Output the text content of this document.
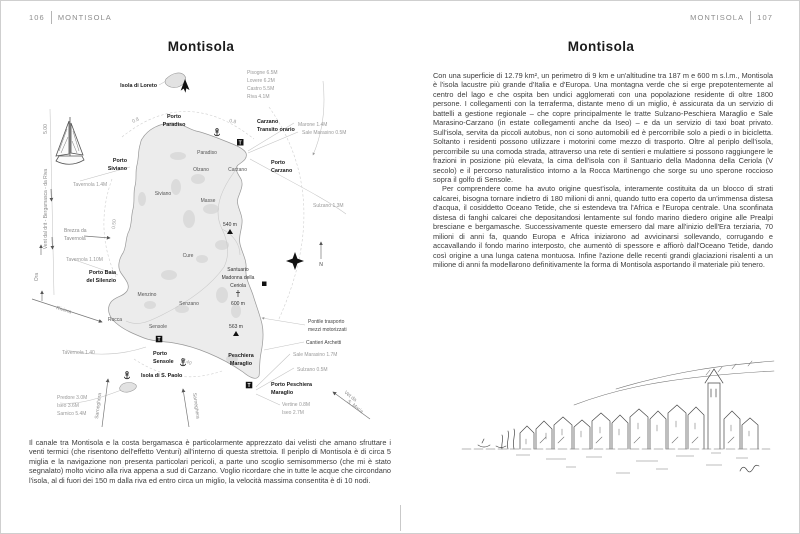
106 MONTISOLA
Montisola
N
T
T
T
Isola di Loreto
Porto
Paradiso	Carzano
Transito orario
Porto
Carzano
Porto
Siviano
Porto Baia
del Silenzio
Porto
Sensole
Isola di S. Paolo
Peschiera
Maraglio
Porto Peschiera
Maraglio
Siviano
Paradiso
Olzano
Masse
Carzano
Cure
Senzano
Menzino
Rocca
Sensole
540 m
563 m
Santuario
Madonna della
Ceriola
600 m
Pisogne 6.5M
Lovere 6.2M
Castro 5.5M
Riva 4.1M
Marone 1.4M
Sale Marasino 0.5M
Sulzano 1.3M
Tavernola 1.4M
Tavernola 1.10M
Tavernola 1.40
Predore 3.0M
Iseo 3.6M
Sarnico 5.4M
Sale Marasino 1.7M
Sulzano 0.5M
Vertine 0.8M
Iseo 2.7M
Ora
Brezza da
Tavernola
Riviera
Sarneghera	Sarneghera	Vet da
S. Maria
Vent dal drit - Bergamasca - da Riva
5.00
Pontile trasporto
mezzi motorizzati
Cantieri Archetti
0.8	0.8
0.50
0.40

Il canale tra Montisola e la costa bergamasca è particolarmente apprezzato dai velisti che amano sfruttare i venti termici (che risentono dell'effetto Venturi) all'interno di questa strettoia. Il periplo di Montisola è di circa 5 miglia e la navigazione non presenta particolari pericoli, a parte uno scoglio semisommerso (che mi è stato segnalato) molto vicino alla riva appena a sud di Carzano. Voglio ricordare che in tutte le acque che circondano l'isola, al di fuori dei 150 m dalla riva ed entro circa un miglio, la velocità massima consentita è di 10 nodi.

MONTISOLA 107
Montisola

Con una superficie di 12.79 km², un perimetro di 9 km e un'altitudine tra 187 m e 600 m s.l.m., Montisola è l'isola lacustre più grande d'Italia e d'Europa. Una montagna verde che si erge prepotentemente al centro del lago e che ospita ben undici agglomerati con una popolazione residente di oltre 1800 persone. I collegamenti con la terraferma, distante meno di un miglio, è assicurata da un servizio di battelli a gestione regionale – che copre principalmente le tratte Sulzano-Peschiera Maraglio e Sale Marasino-Carzano (in estate collegamenti anche da Iseo) – e da un servizio di taxi boat privato. Sull'isola, servita da piccoli autobus, non ci sono automobili ed è percorribile solo a piedi o in bicicletta. Soltanto i residenti possono utilizzare i motorini come mezzo di trasporto. Oltre al periplo dell'isola, percorribile su una comoda strada, attraverso una rete di sentieri e mulattiere si possono raggiungere le frazioni in posizione più elevata, la cima dell'isola con il Santuario della Madonna della Ceriola (V secolo) e il percorso naturalistico intorno a la Rocca Martinengo che sorge su uno sperone roccioso sopra il golfo di Sensole.

Per comprendere come ha avuto origine quest'isola, interamente costituita da un blocco di strati calcarei, bisogna tornare indietro di 180 milioni di anni, quando tutto era coperto da un'immensa distesa d'acqua, il cosiddetto Oceano Tetide, che si estendeva tra l'Africa e l'Europa centrale. Una sconfinata distesa di fanghi calcarei che depositandosi lentamente sul fondo marino diedero origine alle Prealpi bresciane e bergamasche. Successivamente queste emersero dal mare all'inizio dell'Era terziaria, 70 milioni di anni fa, quando Europa e Africa iniziarono ad avvicinarsi sollevando, corrugando e accavallando il fondo marino interposto, che aumentò di spessore e affiorò dall'Oceano Tetide, dando così origine a una lunga catena montuosa. Infine l'azione delle recenti grandi glaciazioni risalenti a un milione di anni fa modellarono definitivamente la forma di Montisola asportando il materiale più tenero.
